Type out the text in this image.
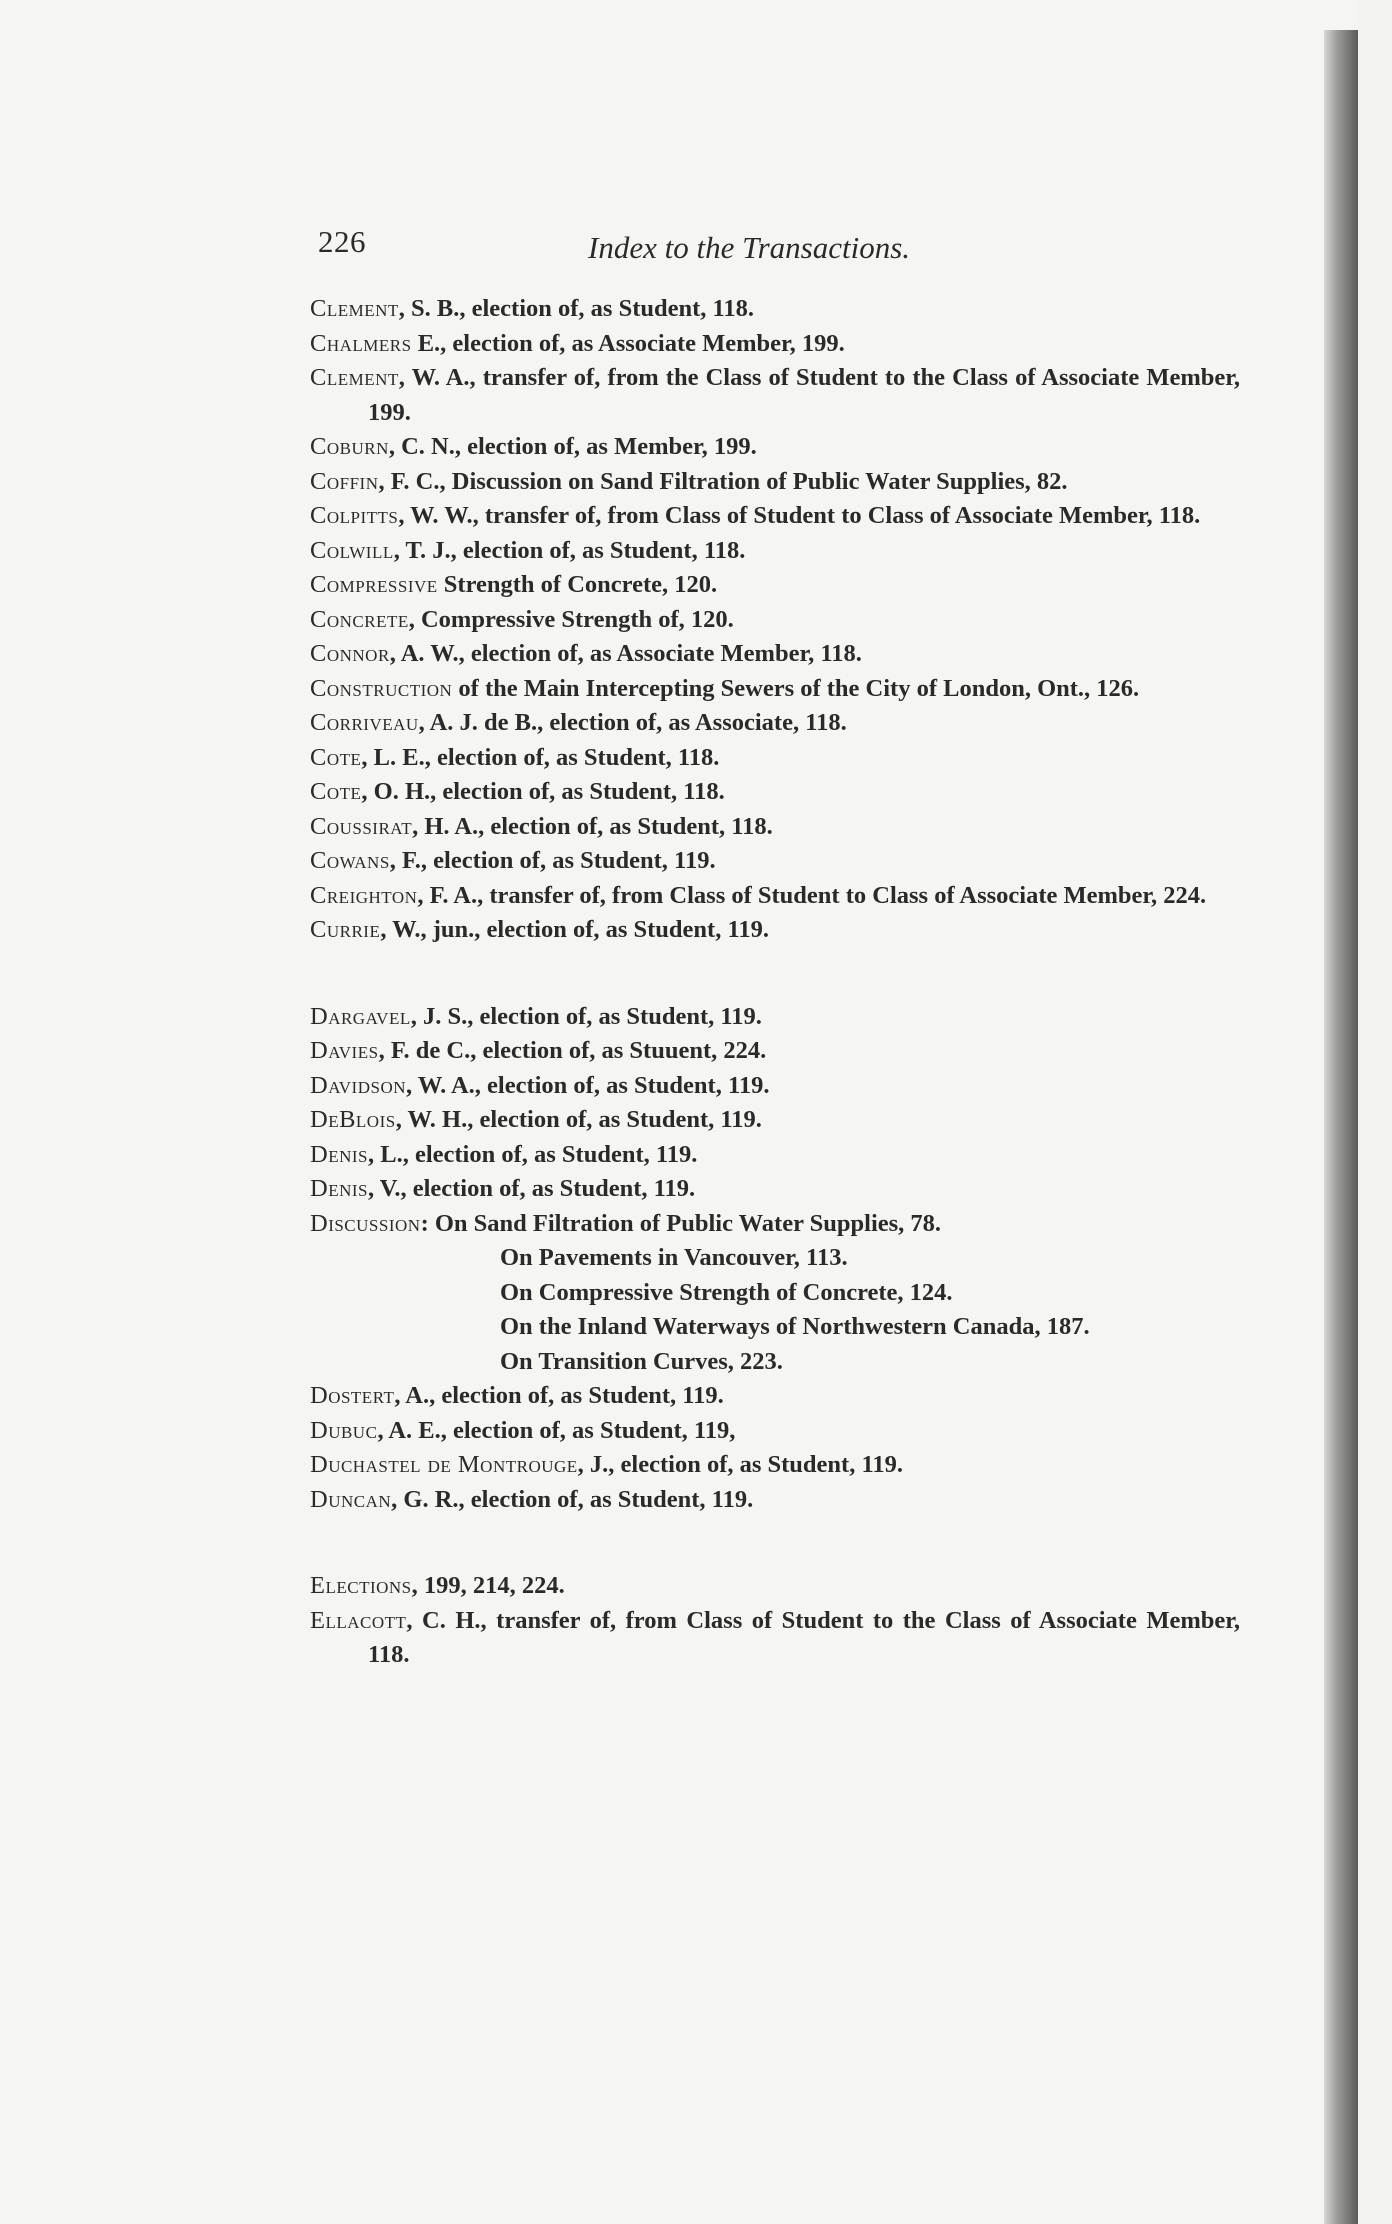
226	Index to the Transactions.

Clement, S. B., election of, as Student, 118.

Chalmers E., election of, as Associate Member, 199.

Clement, W. A., transfer of, from the Class of Student to the Class of Associate Member, 199.

Coburn, C. N., election of, as Member, 199.

Coffin, F. C., Discussion on Sand Filtration of Public Water Supplies, 82.

Colpitts, W. W., transfer of, from Class of Student to Class of Associate Member, 118.

Colwill, T. J., election of, as Student, 118.

Compressive Strength of Concrete, 120.

Concrete, Compressive Strength of, 120.

Connor, A. W., election of, as Associate Member, 118.

Construction of the Main Intercepting Sewers of the City of London, Ont., 126.

Corriveau, A. J. de B., election of, as Associate, 118.

Cote, L. E., election of, as Student, 118.

Cote, O. H., election of, as Student, 118.

Coussirat, H. A., election of, as Student, 118.

Cowans, F., election of, as Student, 119.

Creighton, F. A., transfer of, from Class of Student to Class of Associate Member, 224.

Currie, W., jun., election of, as Student, 119.

Dargavel, J. S., election of, as Student, 119.

Davies, F. de C., election of, as Stuuent, 224.

Davidson, W. A., election of, as Student, 119.

DeBlois, W. H., election of, as Student, 119.

Denis, L., election of, as Student, 119.

Denis, V., election of, as Student, 119.

Discussion: On Sand Filtration of Public Water Supplies, 78.

On Pavements in Vancouver, 113.

On Compressive Strength of Concrete, 124.

On the Inland Waterways of Northwestern Canada, 187.

On Transition Curves, 223.

Dostert, A., election of, as Student, 119.

Dubuc, A. E., election of, as Student, 119,

Duchastel de Montrouge, J., election of, as Student, 119.

Duncan, G. R., election of, as Student, 119.

Elections, 199, 214, 224.

Ellacott, C. H., transfer of, from Class of Student to the Class of Associate Member, 118.
